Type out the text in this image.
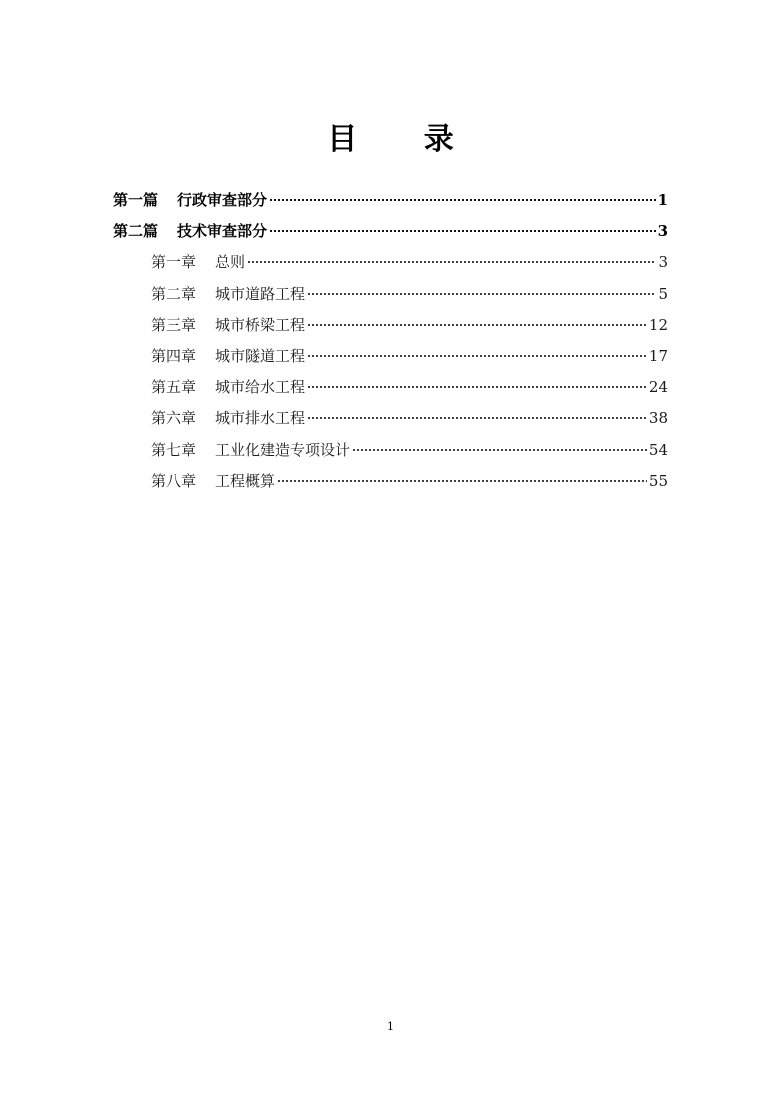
目 录
第一篇	行政审查部分	1
第二篇	技术审查部分	3
第一章	总则	3
第二章	城市道路工程	5
第三章	城市桥梁工程	12
第四章	城市隧道工程	17
第五章	城市给水工程	24
第六章	城市排水工程	38
第七章	工业化建造专项设计	54
第八章	工程概算	55
1
